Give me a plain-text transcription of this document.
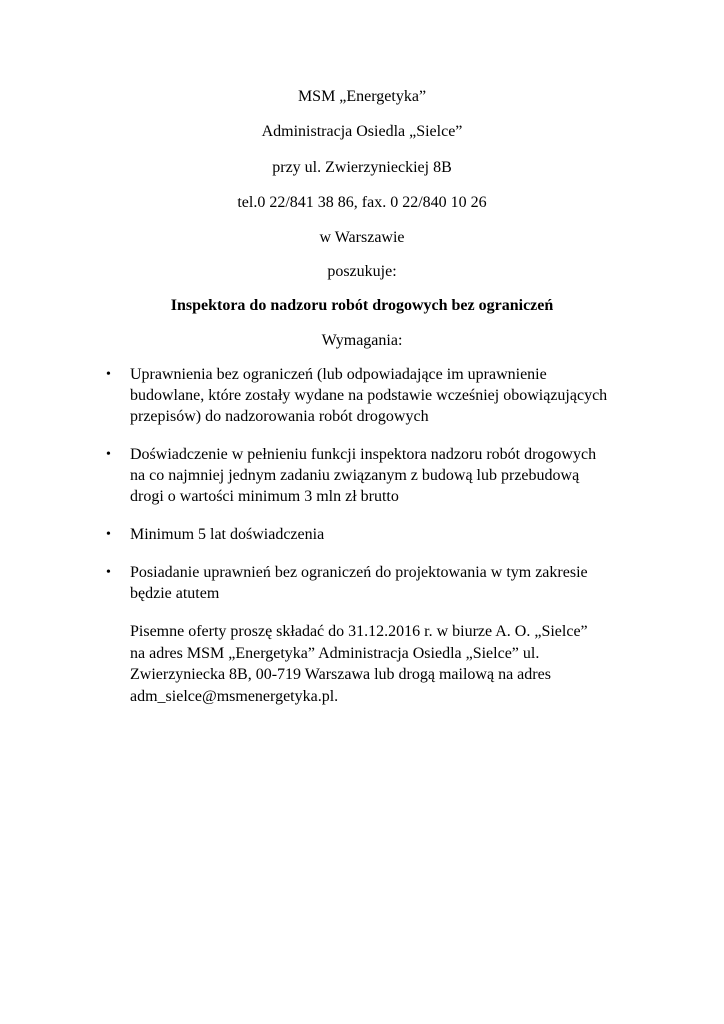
MSM „Energetyka”
Administracja Osiedla „Sielce”
przy ul. Zwierzynieckiej 8B
tel.0 22/841 38 86, fax. 0 22/840 10 26
w Warszawie
poszukuje:
Inspektora do nadzoru robót drogowych bez ograniczeń
Wymagania:
•	Uprawnienia bez ograniczeń (lub odpowiadające im uprawnienie
budowlane, które zostały wydane na podstawie wcześniej obowiązujących
przepisów) do nadzorowania robót drogowych
•	Doświadczenie w pełnieniu funkcji inspektora nadzoru robót drogowych
na co najmniej jednym zadaniu związanym z budową lub przebudową
drogi o wartości minimum 3 mln zł brutto
•	Minimum 5 lat doświadczenia
•	Posiadanie uprawnień bez ograniczeń do projektowania w tym zakresie
będzie atutem
Pisemne oferty proszę składać do 31.12.2016 r. w biurze A. O. „Sielce”
na adres MSM „Energetyka” Administracja Osiedla „Sielce” ul.
Zwierzyniecka 8B, 00-719 Warszawa lub drogą mailową na adres
adm_sielce@msmenergetyka.pl.
